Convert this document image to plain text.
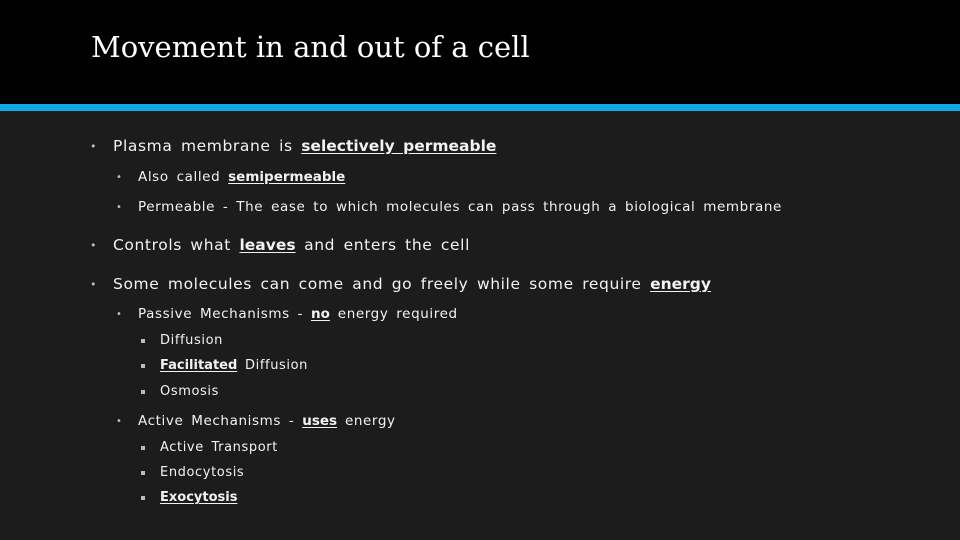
Movement in and out of a cell
• Plasma membrane is selectively permeable
• Also called semipermeable
• Permeable - The ease to which molecules can pass through a biological membrane
• Controls what leaves and enters the cell
• Some molecules can come and go freely while some require energy
• Passive Mechanisms - no energy required
Diffusion
Facilitated Diffusion
Osmosis
• Active Mechanisms - uses energy
Active Transport
Endocytosis
Exocytosis
